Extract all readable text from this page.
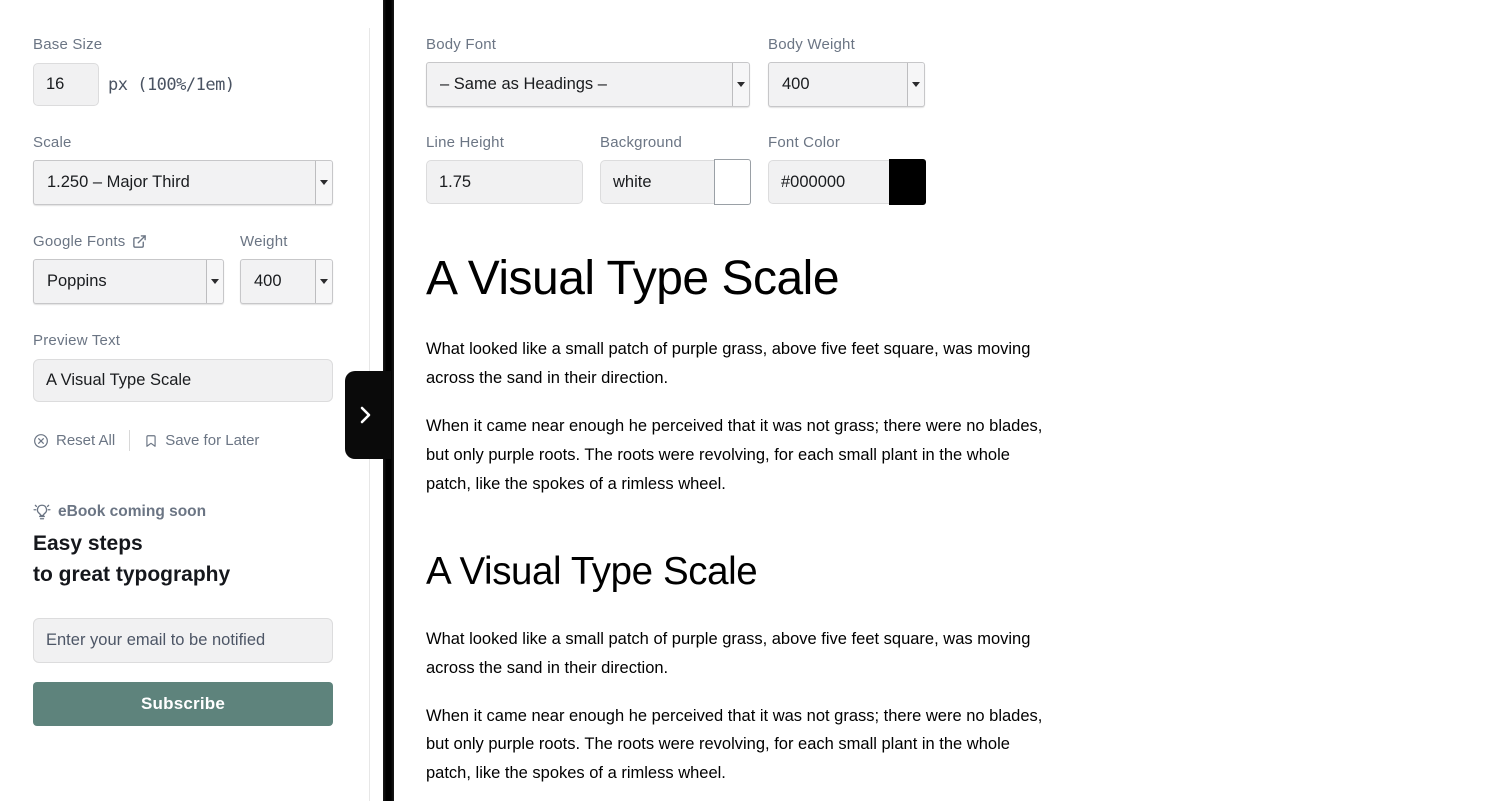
Base Size
16
px (100%/1em)
Scale
1.250 – Major Third
Google Fonts	Weight
Poppins	400
Preview Text
A Visual Type Scale
Reset All	Save for Later
eBook coming soon
Easy steps
to great typography
Enter your email to be notified Subscribe
Body Font
– Same as Headings –
Body Weight
400
Line Height
1.75	Background
white	Font Color
#000000
A Visual Type Scale

What looked like a small patch of purple grass, above five feet square, was moving across the sand in their direction.

When it came near enough he perceived that it was not grass; there were no blades, but only purple roots. The roots were revolving, for each small plant in the whole patch, like the spokes of a rimless wheel.

A Visual Type Scale

What looked like a small patch of purple grass, above five feet square, was moving across the sand in their direction.

When it came near enough he perceived that it was not grass; there were no blades, but only purple roots. The roots were revolving, for each small plant in the whole patch, like the spokes of a rimless wheel.
